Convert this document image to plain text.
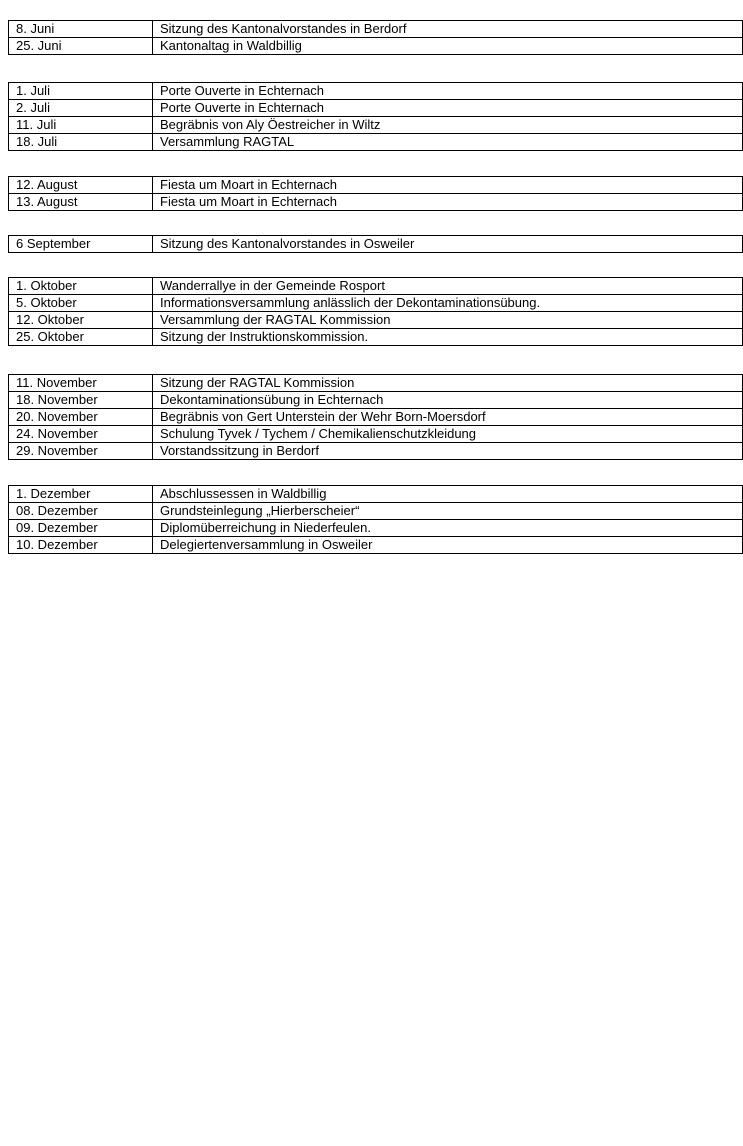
8. Juni	Sitzung des Kantonalvorstandes in Berdorf
25. Juni	Kantonaltag in Waldbillig
1. Juli	Porte Ouverte in Echternach
2. Juli	Porte Ouverte in Echternach
11. Juli	Begräbnis von Aly Öestreicher in Wiltz
18. Juli	Versammlung RAGTAL
12. August	Fiesta um Moart in Echternach
13. August	Fiesta um Moart in Echternach
6 September	Sitzung des Kantonalvorstandes in Osweiler
1. Oktober	Wanderrallye in der Gemeinde Rosport
5. Oktober	Informationsversammlung anlässlich der Dekontaminationsübung.
12. Oktober	Versammlung der RAGTAL Kommission
25. Oktober	Sitzung der Instruktionskommission.
11. November	Sitzung der RAGTAL Kommission
18. November	Dekontaminationsübung in Echternach
20. November	Begräbnis von Gert Unterstein der Wehr Born-Moersdorf
24. November	Schulung Tyvek / Tychem / Chemikalienschutzkleidung
29. November	Vorstandssitzung in Berdorf
1. Dezember	Abschlussessen in Waldbillig
08. Dezember	Grundsteinlegung „Hierberscheier“
09. Dezember	Diplomüberreichung in Niederfeulen.
10. Dezember	Delegiertenversammlung in Osweiler
